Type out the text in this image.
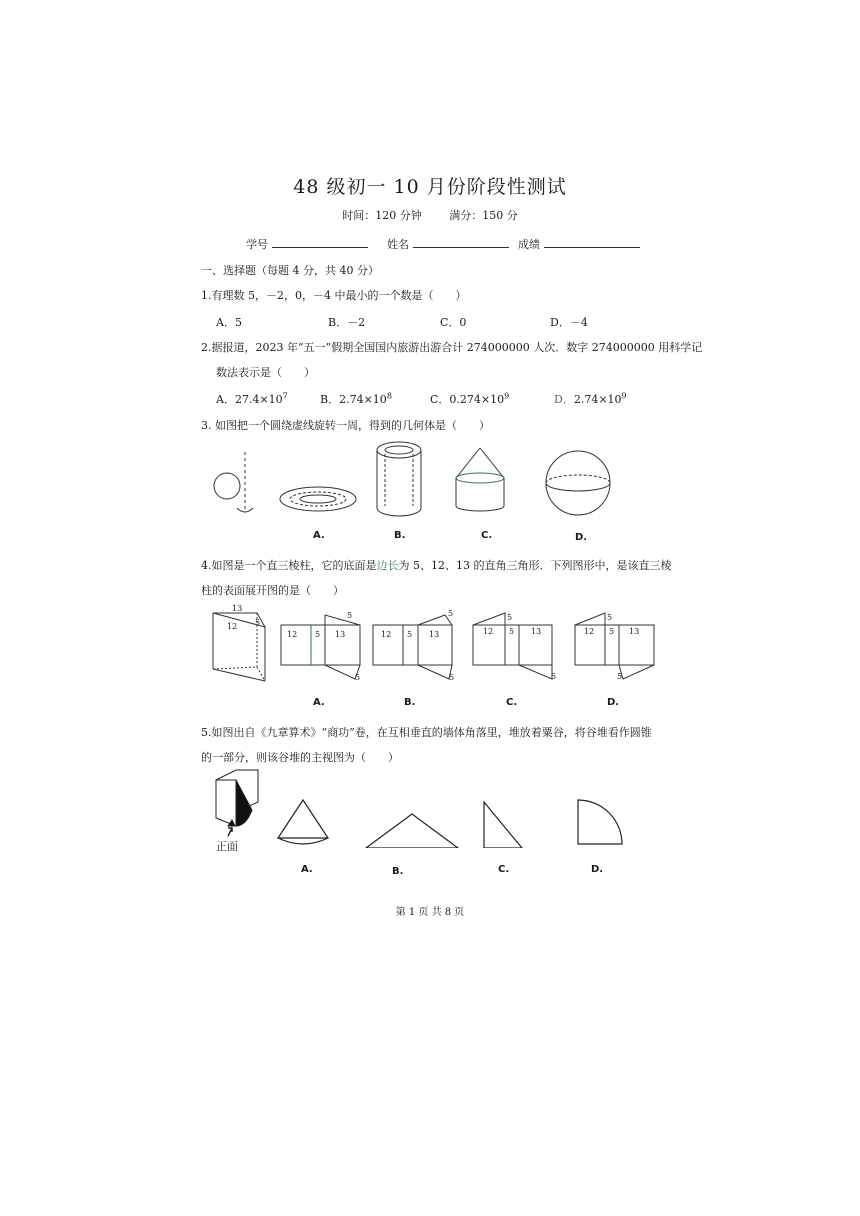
48 级初一 10 月份阶段性测试
时间：120 分钟	满分：150 分
学号	姓名	成绩
一、选择题（每题 4 分，共 40 分）
1.有理数 5，－2，0，－4 中最小的一个数是（　　）
A．5	B．－2	C．0	D．－4
2.据报道，2023 年“五一”假期全国国内旅游出游合计 274000000 人次．数字 274000000 用科学记
数法表示是（　　）
A．$27.4\times 10^7$	B．$2.74\times 10^8$	C．$0.274\times 10^9$	D．$2.74\times 10^9$
3. 如图把一个圆绕虚线旋转一周，得到的几何体是（　　）
A.	B.	C.	D.
4.如图是一个直三棱柱，它的底面是边长为 5、12、13 的直角三角形．下列图形中，是该直三棱
柱的表面展开图的是（　　）
13
12 5
12 5 13
5
5
12 5 13
5
5
12 5 13
5
5
12 5 13
5
5
A.	B.	C.	D.
5.如图出自《九章算术》“商功”卷，在互相垂直的墙体角落里，堆放着粟谷，将谷堆看作圆锥
的一部分，则该谷堆的主视图为（　　）
正面
A.	B.	C.	D.
第 1 页 共 8 页
